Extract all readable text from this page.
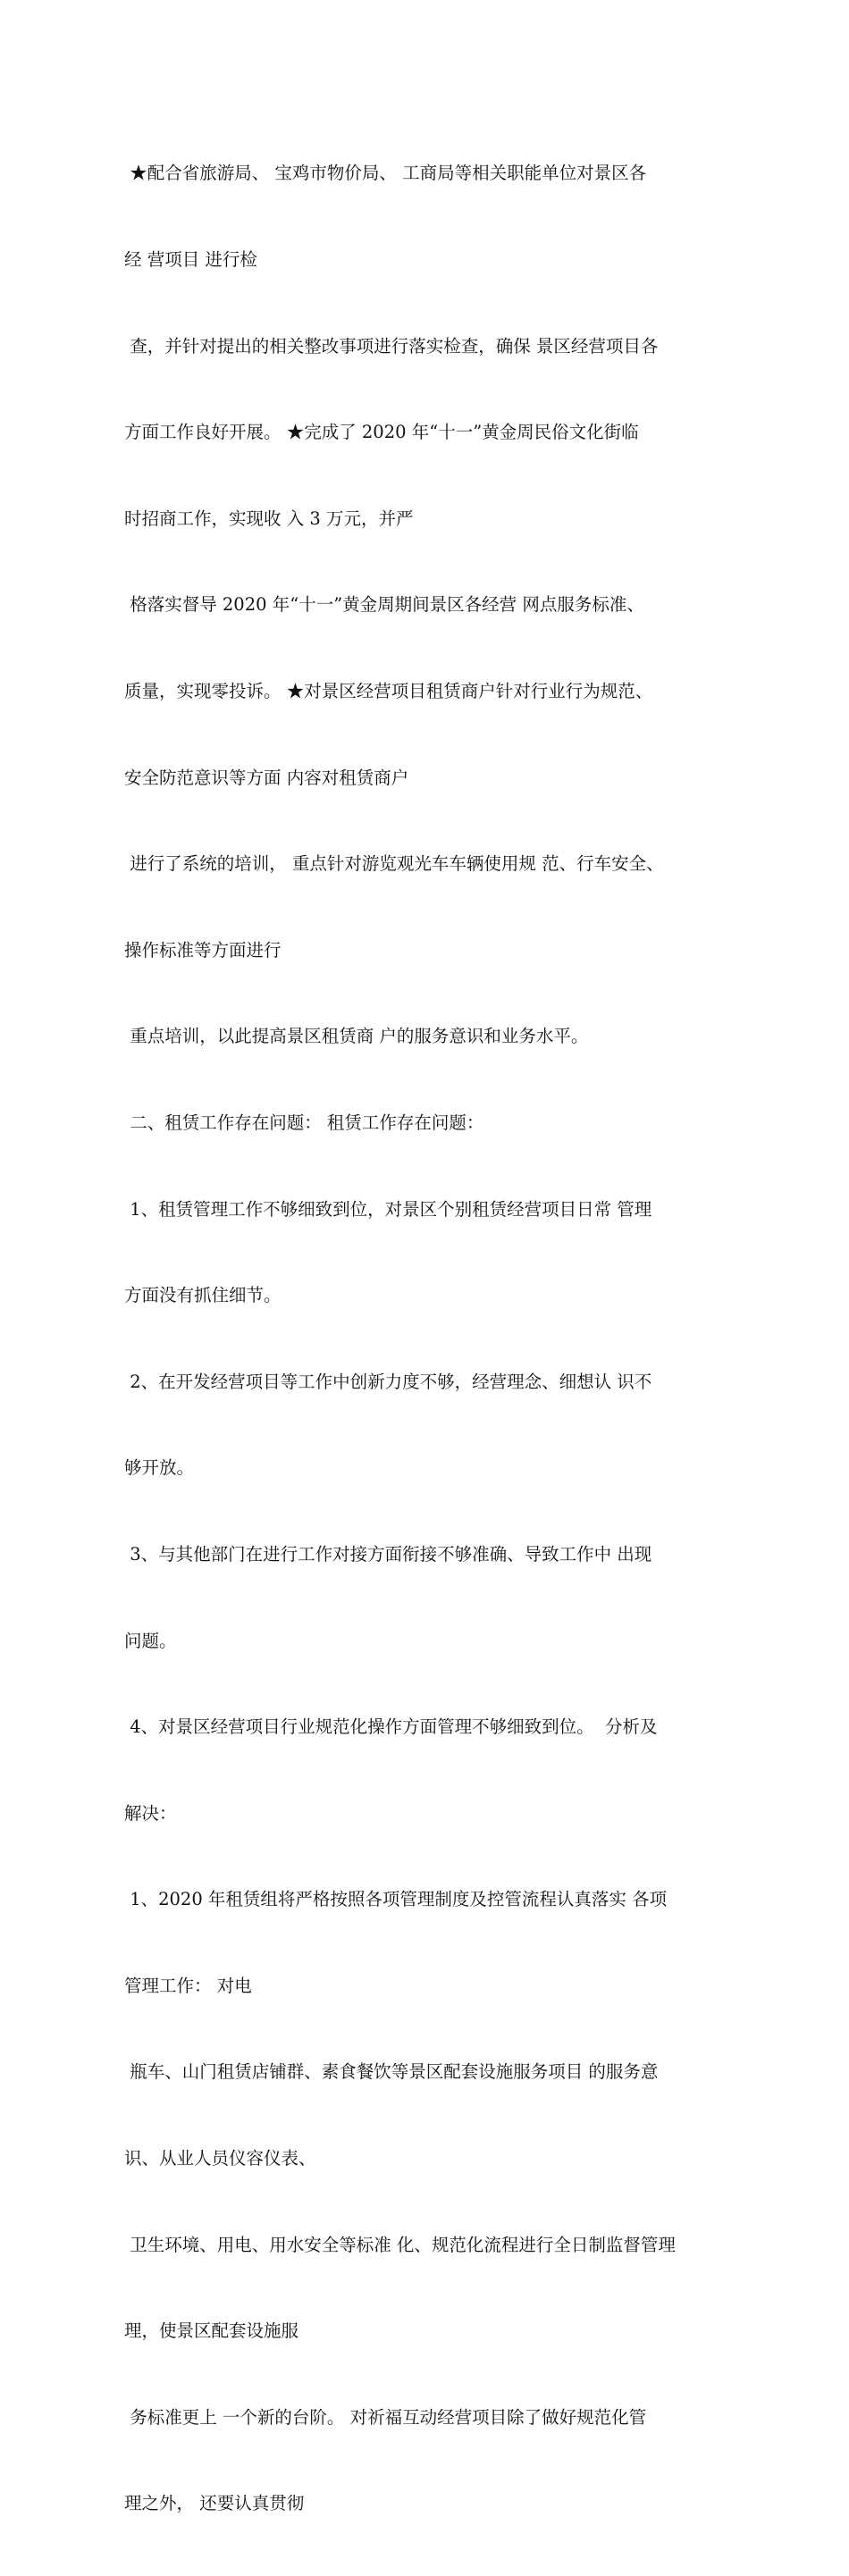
★配合省旅游局、 宝鸡市物价局、 工商局等相关职能单位对景区各

经 营项目 进行检

查，并针对提出的相关整改事项进行落实检查，确保 景区经营项目各

方面工作良好开展。 ★完成了 2020 年“十一”黄金周民俗文化街临

时招商工作，实现收 入 3 万元，并严

格落实督导 2020 年“十一”黄金周期间景区各经营 网点服务标准、

质量，实现零投诉。 ★对景区经营项目租赁商户针对行业行为规范、

安全防范意识等方面 内容对租赁商户

进行了系统的培训， 重点针对游览观光车车辆使用规 范、行车安全、

操作标准等方面进行

重点培训，以此提高景区租赁商 户的服务意识和业务水平。

二、租赁工作存在问题： 租赁工作存在问题：

1、租赁管理工作不够细致到位，对景区个别租赁经营项目日常 管理

方面没有抓住细节。

2、在开发经营项目等工作中创新力度不够，经营理念、细想认 识不

够开放。

3、与其他部门在进行工作对接方面衔接不够准确、导致工作中 出现

问题。

4、对景区经营项目行业规范化操作方面管理不够细致到位。  分析及

解决：

1、2020 年租赁组将严格按照各项管理制度及控管流程认真落实 各项

管理工作： 对电

瓶车、山门租赁店铺群、素食餐饮等景区配套设施服务项目 的服务意

识、从业人员仪容仪表、

卫生环境、用电、用水安全等标准 化、规范化流程进行全日制监督管理

理，使景区配套设施服

务标准更上 一个新的台阶。 对祈福互动经营项目除了做好规范化管

理之外， 还要认真贯彻
